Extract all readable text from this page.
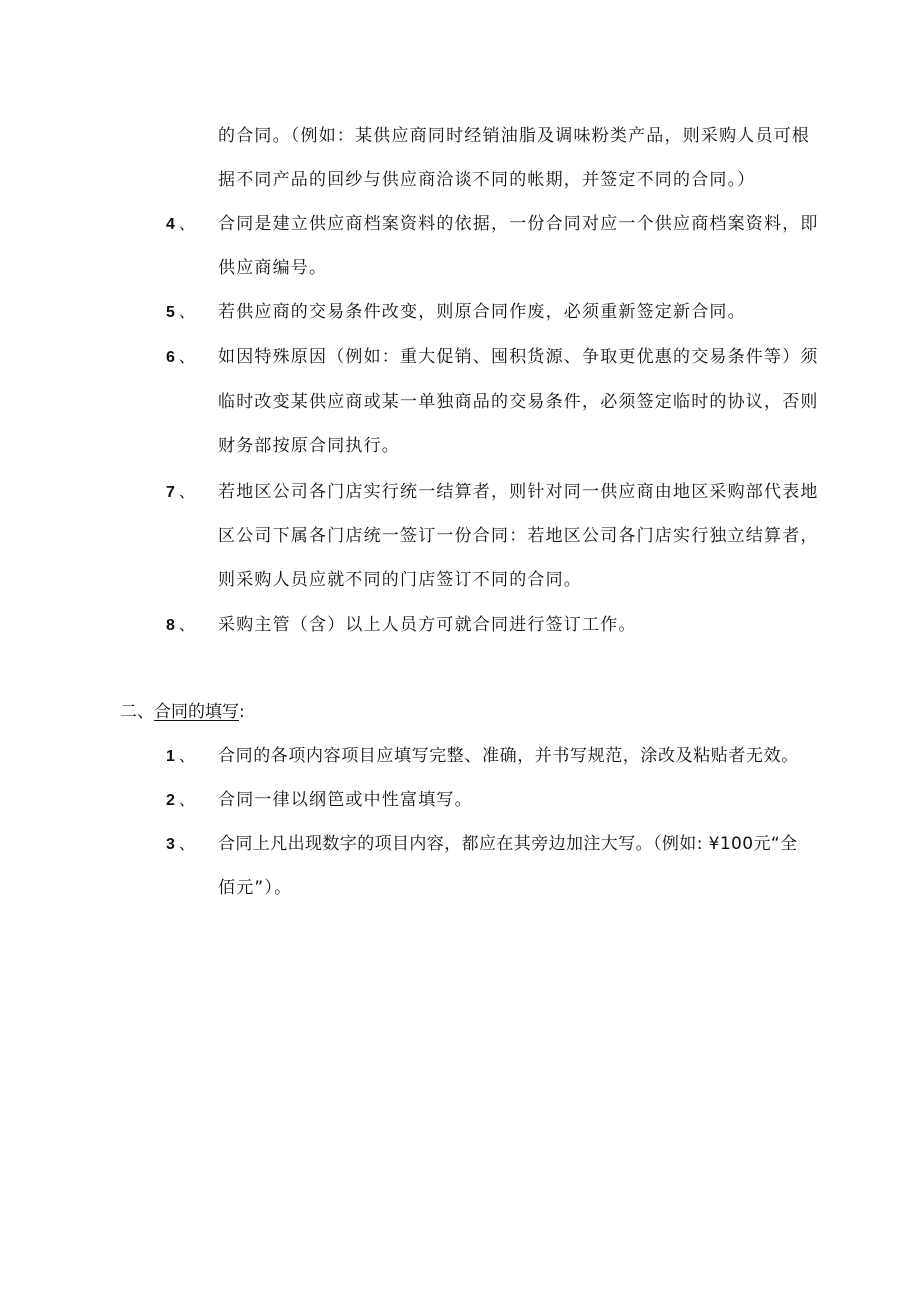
的合同。（例如：某供应商同时经销油脂及调味粉类产品，则采购人员可根
据不同产品的回纱与供应商洽谈不同的帐期，并签定不同的合同。）
4 、 合同是建立供应商档案资料的依据，一份合同对应一个供应商档案资料，即
供应商编号。
5 、 若供应商的交易条件改变，则原合同作废，必须重新签定新合同。
6 、 如因特殊原因（例如：重大促销、囤积货源、争取更优惠的交易条件等）须
临时改变某供应商或某一单独商品的交易条件，必须签定临时的协议，否则
财务部按原合同执行。
7 、 若地区公司各门店实行统一结算者，则针对同一供应商由地区采购部代表地
区公司下属各门店统一签订一份合同：若地区公司各门店实行独立结算者，
则采购人员应就不同的门店签订不同的合同。
8 、 采购主管（含）以上人员方可就合同进行签订工作。
二、合同的填写:
1 、 合同的各项内容项目应填写完整、准确，并书写规范，涂改及粘贴者无效。
2 、 合同一律以纲笆或中性富填写。
3 、 合同上凡出现数字的项目内容，都应在其旁边加注大写。（例如: ¥100元“全
佰元”）。
